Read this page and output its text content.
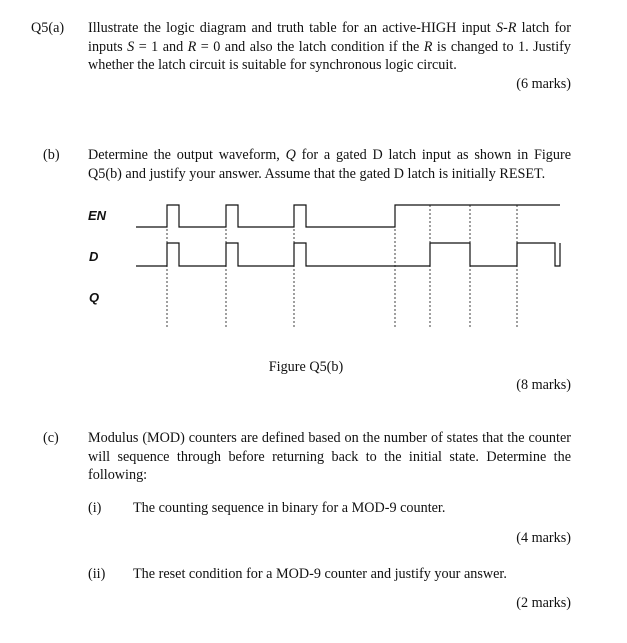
Q5(a) Illustrate the logic diagram and truth table for an active-HIGH input S-R latch for inputs S = 1 and R = 0 and also the latch condition if the R is changed to 1. Justify whether the latch circuit is suitable for synchronous logic circuit.
(6 marks)
(b) Determine the output waveform, Q for a gated D latch input as shown in Figure Q5(b) and justify your answer. Assume that the gated D latch is initially RESET.
EN
D
Q
Figure Q5(b)
(8 marks)
(c) Modulus (MOD) counters are defined based on the number of states that the counter will sequence through before returning back to the initial state. Determine the following:
(i) The counting sequence in binary for a MOD-9 counter.
(4 marks)
(ii) The reset condition for a MOD-9 counter and justify your answer.
(2 marks)
